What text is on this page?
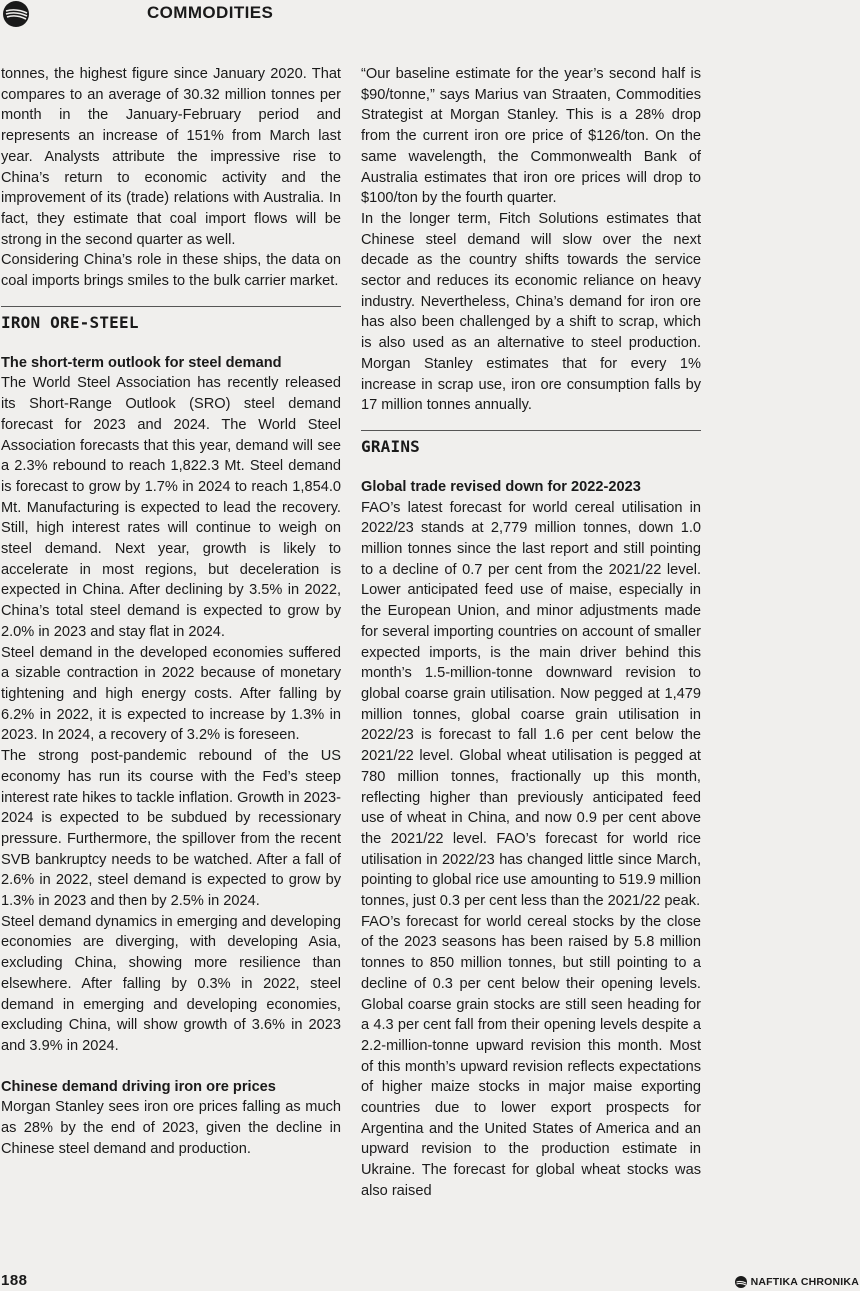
COMMODITIES

tonnes, the highest figure since January 2020. That compares to an average of 30.32 million tonnes per month in the January-February period and represents an increase of 151% from March last year. Analysts attribute the impressive rise to China’s return to economic activity and the improvement of its (trade) relations with Australia. In fact, they estimate that coal import flows will be strong in the second quarter as well.

Considering China’s role in these ships, the data on coal imports brings smiles to the bulk carrier market.

IRON ORE-STEEL
The short-term outlook for steel demand

The World Steel Association has recently released its Short-Range Outlook (SRO) steel demand forecast for 2023 and 2024. The World Steel Association forecasts that this year, demand will see a 2.3% rebound to reach 1,822.3 Mt. Steel demand is forecast to grow by 1.7% in 2024 to reach 1,854.0 Mt. Manufacturing is expected to lead the recovery. Still, high interest rates will continue to weigh on steel demand. Next year, growth is likely to accelerate in most regions, but deceleration is expected in China. After declining by 3.5% in 2022, China’s total steel demand is expected to grow by 2.0% in 2023 and stay flat in 2024.

Steel demand in the developed economies suffered a sizable contraction in 2022 because of monetary tightening and high energy costs. After falling by 6.2% in 2022, it is expected to increase by 1.3% in 2023. In 2024, a recovery of 3.2% is foreseen.

The strong post-pandemic rebound of the US economy has run its course with the Fed’s steep interest rate hikes to tackle inflation. Growth in 2023-2024 is expected to be subdued by recessionary pressure. Furthermore, the spillover from the recent SVB bankruptcy needs to be watched. After a fall of 2.6% in 2022, steel demand is expected to grow by 1.3% in 2023 and then by 2.5% in 2024.

Steel demand dynamics in emerging and developing economies are diverging, with developing Asia, excluding China, showing more resilience than elsewhere. After falling by 0.3% in 2022, steel demand in emerging and developing economies, excluding China, will show growth of 3.6% in 2023 and 3.9% in 2024.

Chinese demand driving iron ore prices

Morgan Stanley sees iron ore prices falling as much as 28% by the end of 2023, given the decline in Chinese steel demand and production.

“Our baseline estimate for the year’s second half is $90/tonne,” says Marius van Straaten, Commodities Strategist at Morgan Stanley. This is a 28% drop from the current iron ore price of $126/ton. On the same wavelength, the Commonwealth Bank of Australia estimates that iron ore prices will drop to $100/ton by the fourth quarter.

In the longer term, Fitch Solutions estimates that Chinese steel demand will slow over the next decade as the country shifts towards the service sector and reduces its economic reliance on heavy industry. Nevertheless, China’s demand for iron ore has also been challenged by a shift to scrap, which is also used as an alternative to steel production. Morgan Stanley estimates that for every 1% increase in scrap use, iron ore consumption falls by 17 million tonnes annually.

GRAINS
Global trade revised down for 2022-2023

FAO’s latest forecast for world cereal utilisation in 2022/23 stands at 2,779 million tonnes, down 1.0 million tonnes since the last report and still pointing to a decline of 0.7 per cent from the 2021/22 level. Lower anticipated feed use of maise, especially in the European Union, and minor adjustments made for several importing countries on account of smaller expected imports, is the main driver behind this month’s 1.5-million-tonne downward revision to global coarse grain utilisation. Now pegged at 1,479 million tonnes, global coarse grain utilisation in 2022/23 is forecast to fall 1.6 per cent below the 2021/22 level. Global wheat utilisation is pegged at 780 million tonnes, fractionally up this month, reflecting higher than previously anticipated feed use of wheat in China, and now 0.9 per cent above the 2021/22 level. FAO’s forecast for world rice utilisation in 2022/23 has changed little since March, pointing to global rice use amounting to 519.9 million tonnes, just 0.3 per cent less than the 2021/22 peak.

FAO’s forecast for world cereal stocks by the close of the 2023 seasons has been raised by 5.8 million tonnes to 850 million tonnes, but still pointing to a decline of 0.3 per cent below their opening levels. Global coarse grain stocks are still seen heading for a 4.3 per cent fall from their opening levels despite a 2.2-million-tonne upward revision this month. Most of this month’s upward revision reflects expectations of higher maize stocks in major maise exporting countries due to lower export prospects for Argentina and the United States of America and an upward revision to the production estimate in Ukraine. The forecast for global wheat stocks was also raised

188	NAFTIKA CHRONIKA
